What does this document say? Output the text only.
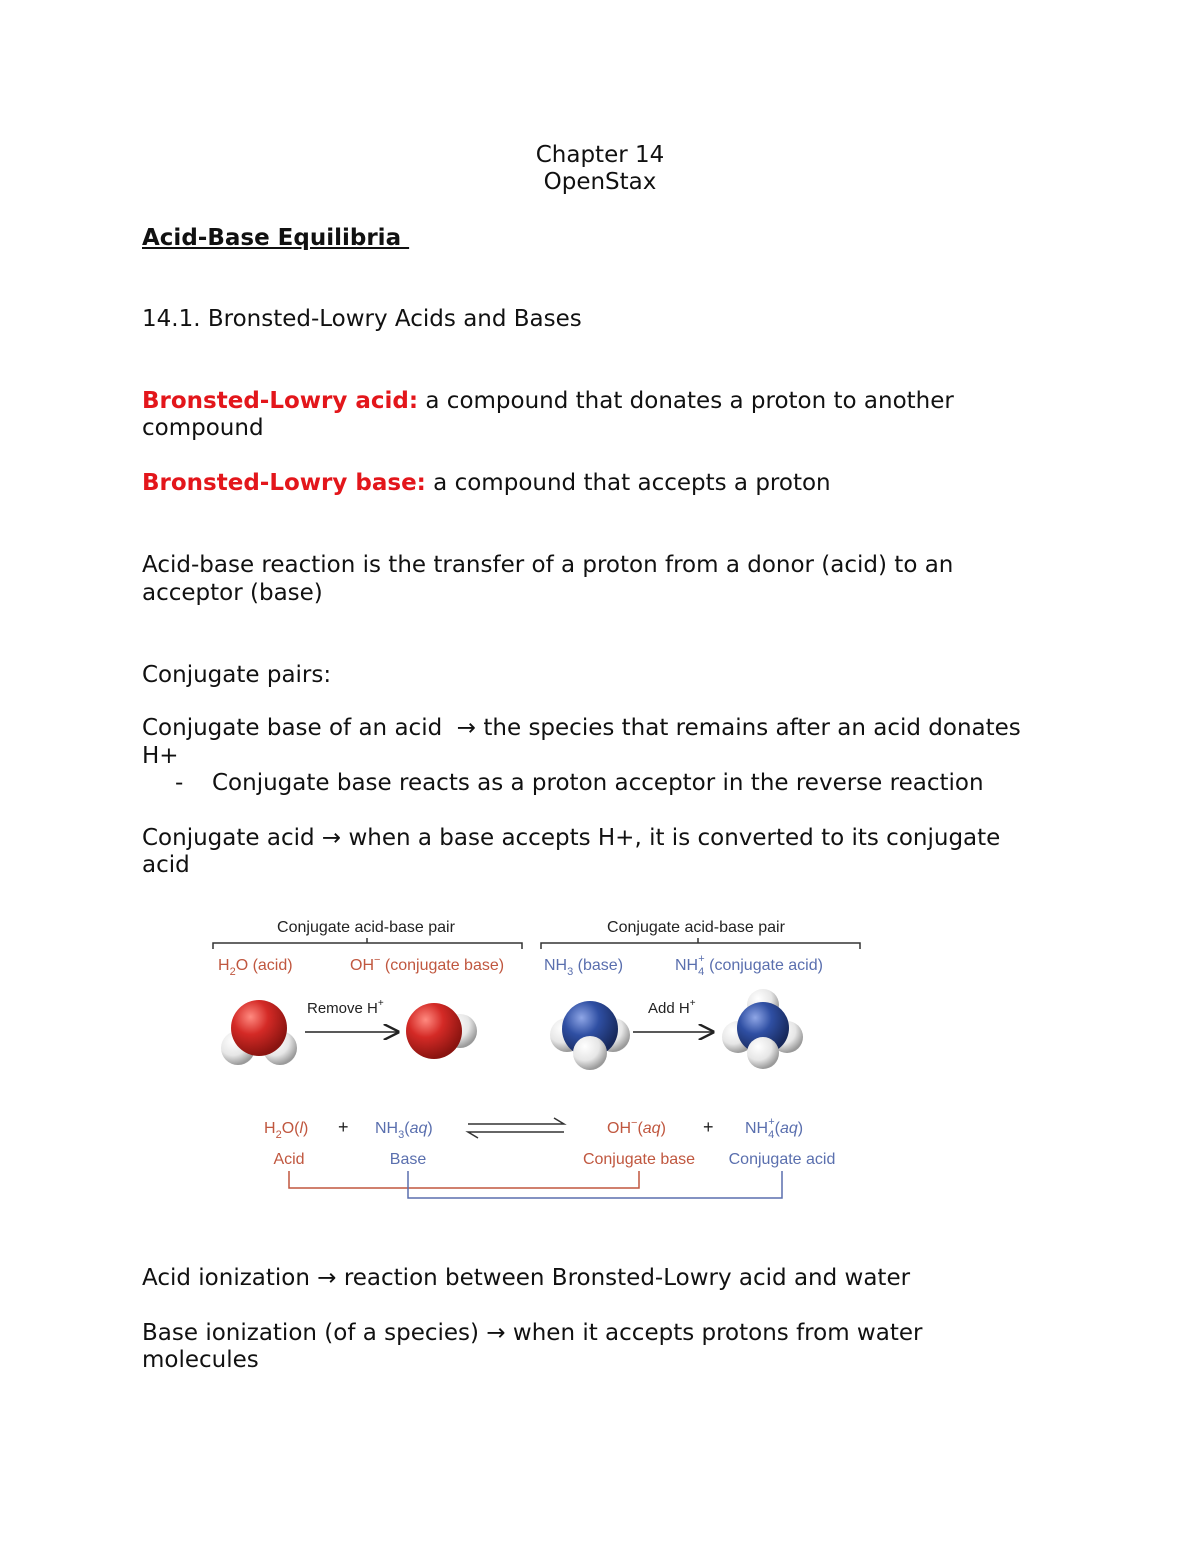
Chapter 14
OpenStax
Acid-Base Equilibria
14.1. Bronsted-Lowry Acids and Bases
Bronsted-Lowry acid: a compound that donates a proton to another
compound
Bronsted-Lowry base: a compound that accepts a proton
Acid-base reaction is the transfer of a proton from a donor (acid) to an
acceptor (base)
Conjugate pairs:
Conjugate base of an acid  → the species that remains after an acid donates
H+
- Conjugate base reacts as a proton acceptor in the reverse reaction
Conjugate acid → when a base accepts H+, it is converted to its conjugate
acid
Conjugate acid-base pair	Conjugate acid-base pair
$H_2O$ (acid)	OH− (conjugate base) $NH_3$ (base)	$NH_4+$ (conjugate acid)
Remove H+	Add H+
$H_2O(l) + NH_3(aq)$	$OH^-(aq) + NH_4+(aq)$
Acid	Base	Conjugate base Conjugate acid
Acid ionization → reaction between Bronsted-Lowry acid and water
Base ionization (of a species) → when it accepts protons from water
molecules
